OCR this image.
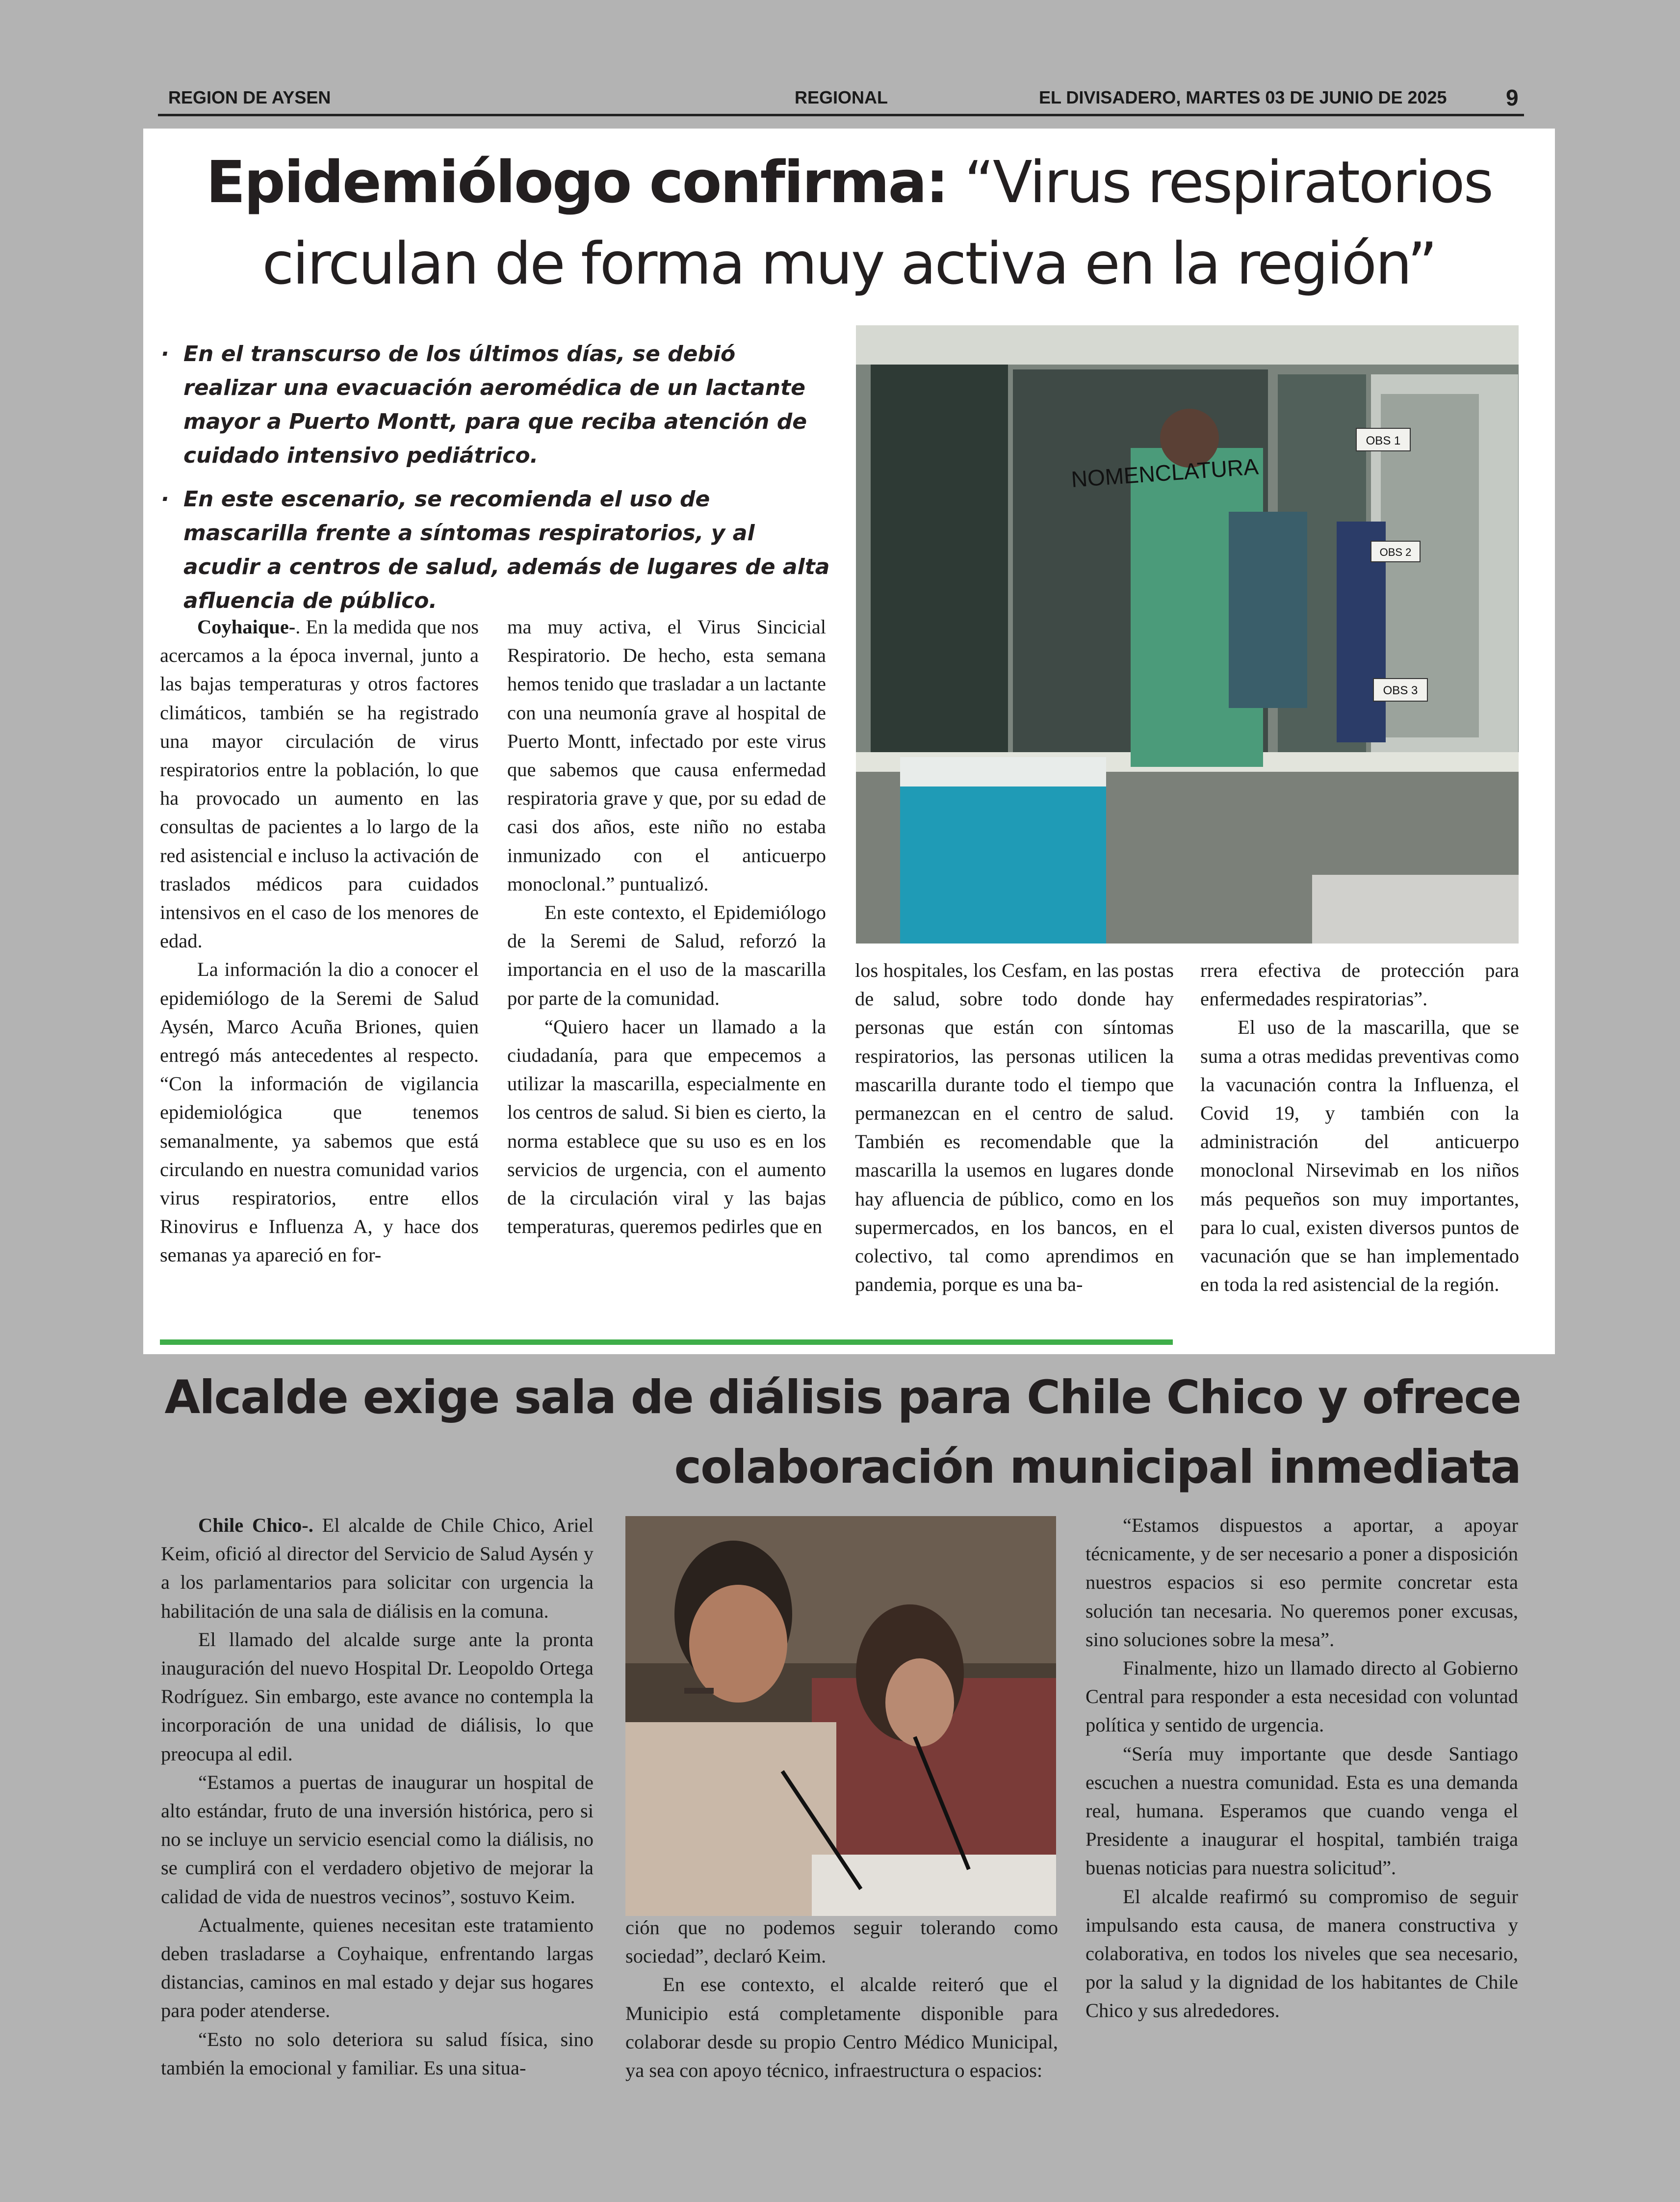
REGION DE AYSEN	REGIONAL	EL DIVISADERO, MARTES 03 DE JUNIO DE 2025	9
Epidemiólogo confirma: “Virus respiratorios
circulan de forma muy activa en la región”
· En el transcurso de los últimos días, se debió realizar una evacuación aeromédica de un lactante mayor a Puerto Montt, para que reciba atención de cuidado intensivo pediátrico.
· En este escenario, se recomienda el uso de mascarilla frente a síntomas respiratorios, y al acudir a centros de salud, además de lugares de alta afluencia de público.
NOMENCLATURA
OBS 1
OBS 2
OBS 3

Coyhaique-. En la medida que nos acercamos a la época invernal, junto a las bajas temperaturas y otros factores climáticos, también se ha registrado una mayor circulación de virus respiratorios entre la población, lo que ha provocado un aumento en las consultas de pacientes a lo largo de la red asistencial e incluso la activación de traslados médicos para cuidados intensivos en el caso de los menores de edad.

La información la dio a conocer el epidemiólogo de la Seremi de Salud Aysén, Marco Acuña Briones, quien entregó más antecedentes al respecto. “Con la información de vigilancia epidemiológica que tenemos semanalmente, ya sabemos que está circulando en nuestra comunidad varios virus respiratorios, entre ellos Rinovirus e Influenza A, y hace dos semanas ya apareció en for-

ma muy activa, el Virus Sincicial Respiratorio. De hecho, esta semana hemos tenido que trasladar a un lactante con una neumonía grave al hospital de Puerto Montt, infectado por este virus que sabemos que causa enfermedad respiratoria grave y que, por su edad de casi dos años, este niño no estaba inmunizado con el anticuerpo monoclonal.” puntualizó.

En este contexto, el Epidemiólogo de la Seremi de Salud, reforzó la importancia en el uso de la mascarilla por parte de la comunidad.

“Quiero hacer un llamado a la ciudadanía, para que empecemos a utilizar la mascarilla, especialmente en los centros de salud. Si bien es cierto, la norma establece que su uso es en los servicios de urgencia, con el aumento de la circulación viral y las bajas temperaturas, queremos pedirles que en

los hospitales, los Cesfam, en las postas de salud, sobre todo donde hay personas que están con síntomas respiratorios, las personas utilicen la mascarilla durante todo el tiempo que permanezcan en el centro de salud. También es recomendable que la mascarilla la usemos en lugares donde hay afluencia de público, como en los supermercados, en los bancos, en el colectivo, tal como aprendimos en pandemia, porque es una ba-

rrera efectiva de protección para enfermedades respiratorias”.

El uso de la mascarilla, que se suma a otras medidas preventivas como la vacunación contra la Influenza, el Covid 19, y también con la administración del anticuerpo monoclonal Nirsevimab en los niños más pequeños son muy importantes, para lo cual, existen diversos puntos de vacunación que se han implementado en toda la red asistencial de la región.

Alcalde exige sala de diálisis para Chile Chico y ofrece
colaboración municipal inmediata

Chile Chico-. El alcalde de Chile Chico, Ariel Keim, ofició al director del Servicio de Salud Aysén y a los parlamentarios para solicitar con urgencia la habilitación de una sala de diálisis en la comuna.

El llamado del alcalde surge ante la pronta inauguración del nuevo Hospital Dr. Leopoldo Ortega Rodríguez. Sin embargo, este avance no contempla la incorporación de una unidad de diálisis, lo que preocupa al edil.

“Estamos a puertas de inaugurar un hospital de alto estándar, fruto de una inversión histórica, pero si no se incluye un servicio esencial como la diálisis, no se cumplirá con el verdadero objetivo de mejorar la calidad de vida de nuestros vecinos”, sostuvo Keim.

Actualmente, quienes necesitan este tratamiento deben trasladarse a Coyhaique, enfrentando largas distancias, caminos en mal estado y dejar sus hogares para poder atenderse.

“Esto no solo deteriora su salud física, sino también la emocional y familiar. Es una situa-

ción que no podemos seguir tolerando como sociedad”, declaró Keim.

En ese contexto, el alcalde reiteró que el Municipio está completamente disponible para colaborar desde su propio Centro Médico Municipal, ya sea con apoyo técnico, infraestructura o espacios:

“Estamos dispuestos a aportar, a apoyar técnicamente, y de ser necesario a poner a disposición nuestros espacios si eso permite concretar esta solución tan necesaria. No queremos poner excusas, sino soluciones sobre la mesa”.

Finalmente, hizo un llamado directo al Gobierno Central para responder a esta necesidad con voluntad política y sentido de urgencia.

“Sería muy importante que desde Santiago escuchen a nuestra comunidad. Esta es una demanda real, humana. Esperamos que cuando venga el Presidente a inaugurar el hospital, también traiga buenas noticias para nuestra solicitud”.

El alcalde reafirmó su compromiso de seguir impulsando esta causa, de manera constructiva y colaborativa, en todos los niveles que sea necesario, por la salud y la dignidad de los habitantes de Chile Chico y sus alrededores.
